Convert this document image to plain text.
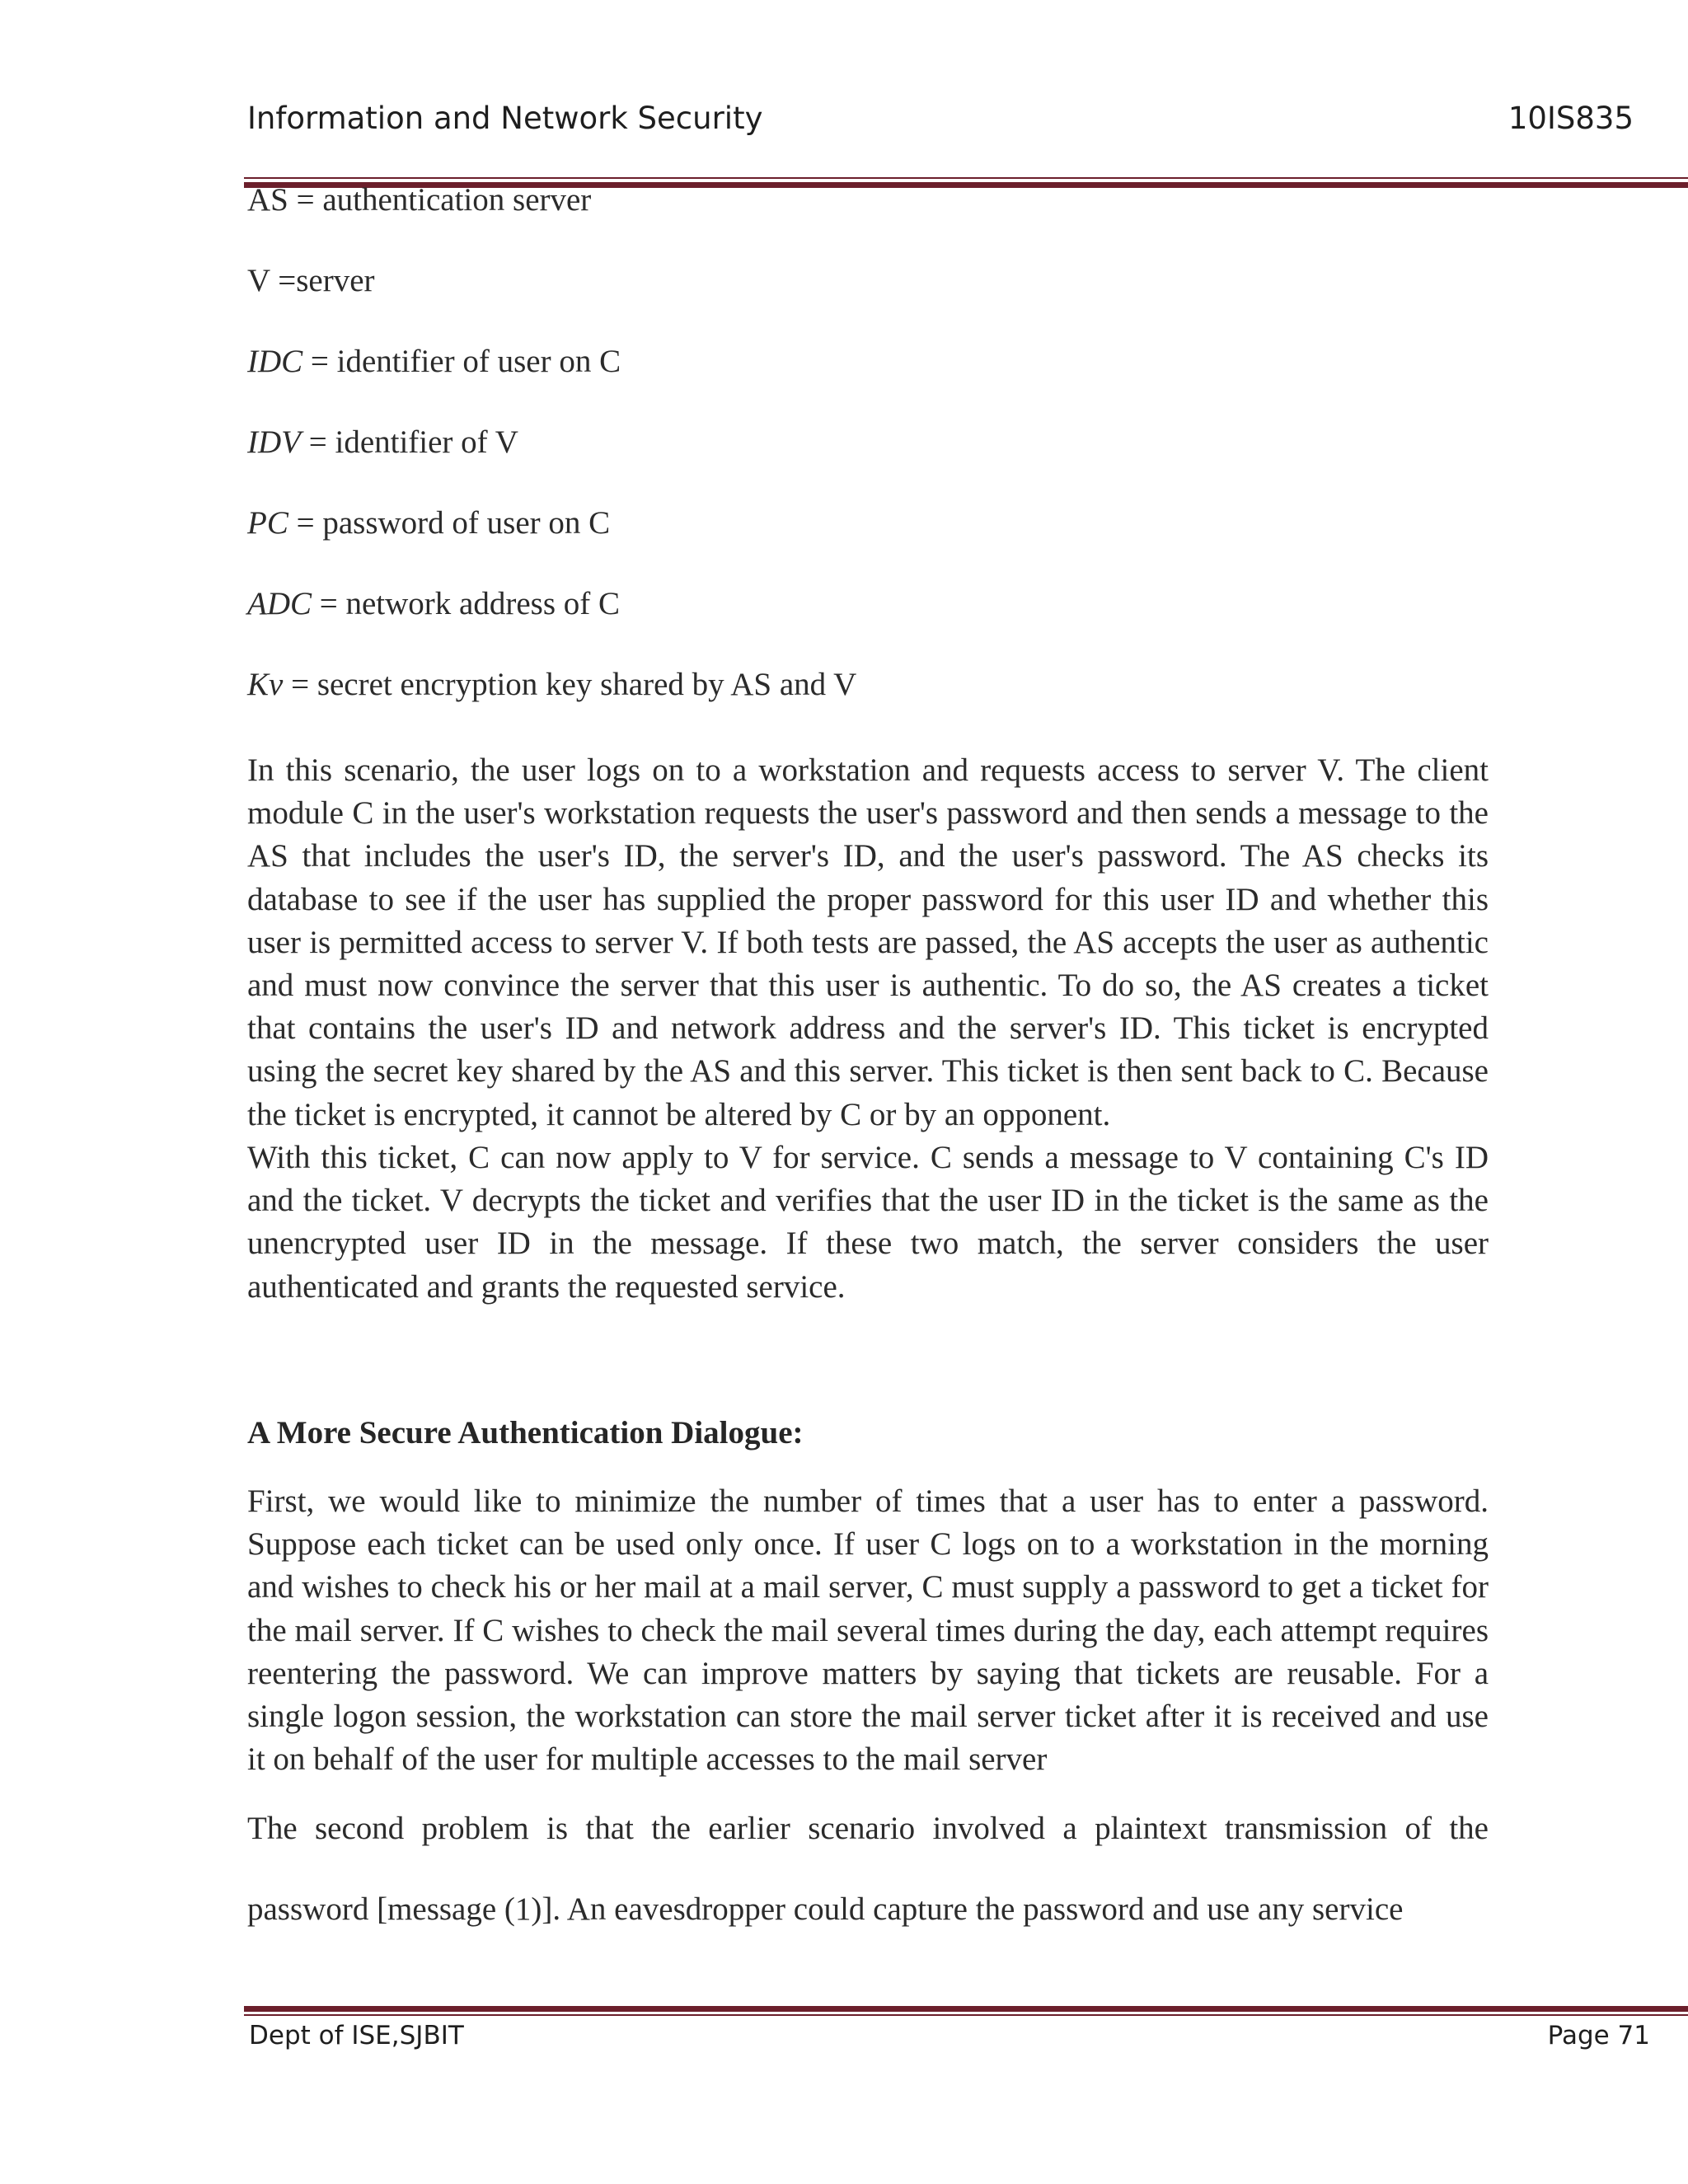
Information and Network Security	10IS835
AS = authentication server
V =server
IDC = identifier of user on C
IDV = identifier of V
PC = password of user on C
ADC = network address of C
Kv = secret encryption key shared by AS and V

In this scenario, the user logs on to a workstation and requests access to server V. The client module C in the user's workstation requests the user's password and then sends a message to the AS that includes the user's ID, the server's ID, and the user's password. The AS checks its database to see if the user has supplied the proper password for this user ID and whether this user is permitted access to server V. If both tests are passed, the AS accepts the user as authentic and must now convince the server that this user is authentic. To do so, the AS creates a ticket that contains the user's ID and network address and the server's ID. This ticket is encrypted using the secret key shared by the AS and this server. This ticket is then sent back to C. Because the ticket is encrypted, it cannot be altered by C or by an opponent.

With this ticket, C can now apply to V for service. C sends a message to V containing C's ID and the ticket. V decrypts the ticket and verifies that the user ID in the ticket is the same as the unencrypted user ID in the message. If these two match, the server considers the user authenticated and grants the requested service.

A More Secure Authentication Dialogue:

First, we would like to minimize the number of times that a user has to enter a password. Suppose each ticket can be used only once. If user C logs on to a workstation in the morning and wishes to check his or her mail at a mail server, C must supply a password to get a ticket for the mail server. If C wishes to check the mail several times during the day, each attempt requires reentering the password. We can improve matters by saying that tickets are reusable. For a single logon session, the workstation can store the mail server ticket after it is received and use it on behalf of the user for multiple accesses to the mail server

The second problem is that the earlier scenario involved a plaintext transmission of the password [message (1)]. An eavesdropper could capture the password and use any service

Dept of ISE,SJBIT	Page 71
